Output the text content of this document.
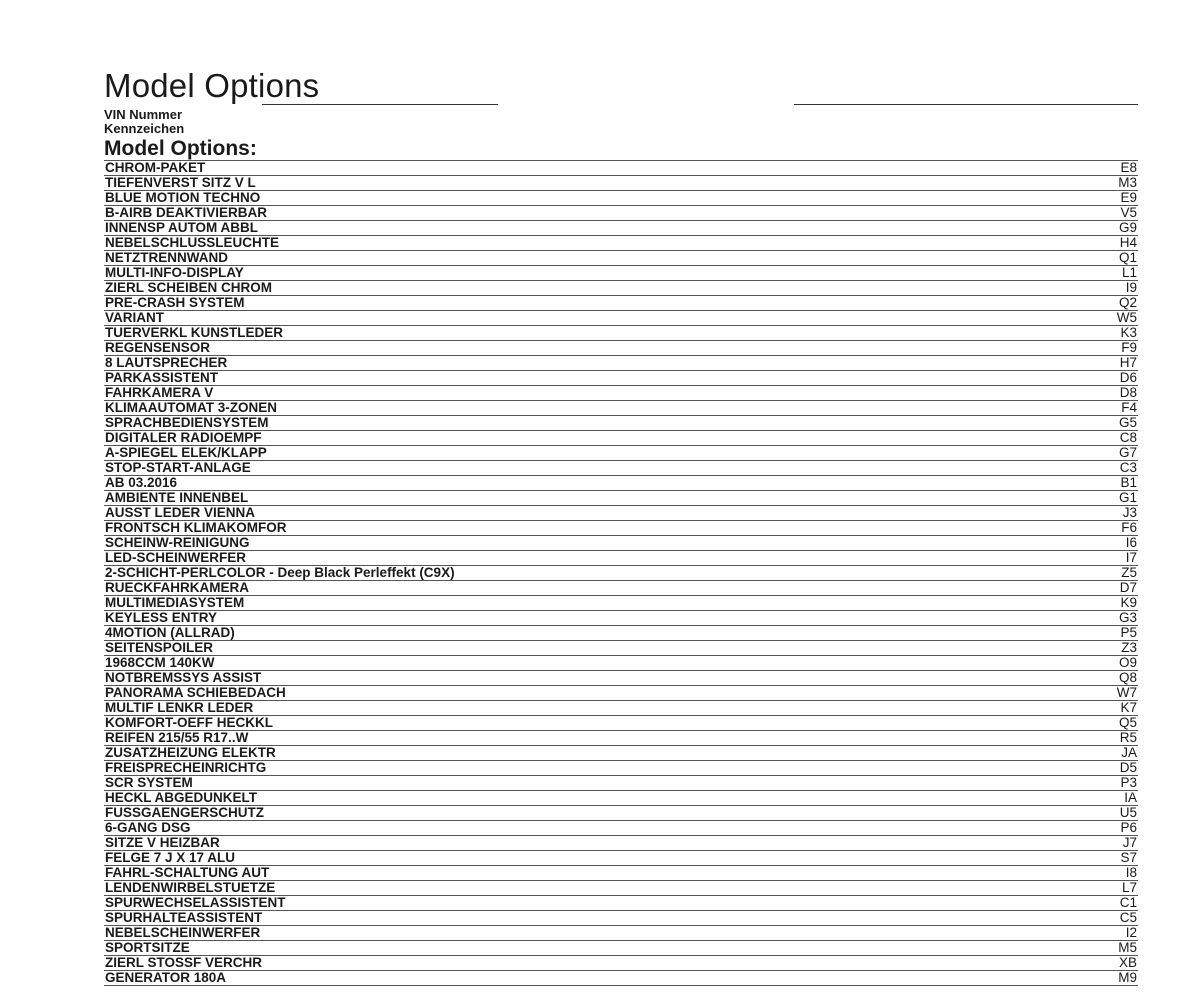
Model Options
VIN Nummer
Kennzeichen
Model Options:
CHROM-PAKET	E8
TIEFENVERST SITZ V L	M3
BLUE MOTION TECHNO	E9
B-AIRB DEAKTIVIERBAR	V5
INNENSP AUTOM ABBL	G9
NEBELSCHLUSSLEUCHTE	H4
NETZTRENNWAND	Q1
MULTI-INFO-DISPLAY	L1
ZIERL SCHEIBEN CHROM	I9
PRE-CRASH SYSTEM	Q2
VARIANT	W5
TUERVERKL KUNSTLEDER	K3
REGENSENSOR	F9
8 LAUTSPRECHER	H7
PARKASSISTENT	D6
FAHRKAMERA V	D8
KLIMAAUTOMAT 3-ZONEN	F4
SPRACHBEDIENSYSTEM	G5
DIGITALER RADIOEMPF	C8
A-SPIEGEL ELEK/KLAPP	G7
STOP-START-ANLAGE	C3
AB 03.2016	B1
AMBIENTE INNENBEL	G1
AUSST LEDER VIENNA	J3
FRONTSCH KLIMAKOMFOR	F6
SCHEINW-REINIGUNG	I6
LED-SCHEINWERFER	I7
2-SCHICHT-PERLCOLOR - Deep Black Perleffekt (C9X)	Z5
RUECKFAHRKAMERA	D7
MULTIMEDIASYSTEM	K9
KEYLESS ENTRY	G3
4MOTION (ALLRAD)	P5
SEITENSPOILER	Z3
1968CCM 140KW	O9
NOTBREMSSYS ASSIST	Q8
PANORAMA SCHIEBEDACH	W7
MULTIF LENKR LEDER	K7
KOMFORT-OEFF HECKKL	Q5
REIFEN 215/55 R17..W	R5
ZUSATZHEIZUNG ELEKTR	JA
FREISPRECHEINRICHTG	D5
SCR SYSTEM	P3
HECKL ABGEDUNKELT	IA
FUSSGAENGERSCHUTZ	U5
6-GANG DSG	P6
SITZE V HEIZBAR	J7
FELGE 7 J X 17 ALU	S7
FAHRL-SCHALTUNG AUT	I8
LENDENWIRBELSTUETZE	L7
SPURWECHSELASSISTENT	C1
SPURHALTEASSISTENT	C5
NEBELSCHEINWERFER	I2
SPORTSITZE	M5
ZIERL STOSSF VERCHR	XB
GENERATOR 180A	M9
